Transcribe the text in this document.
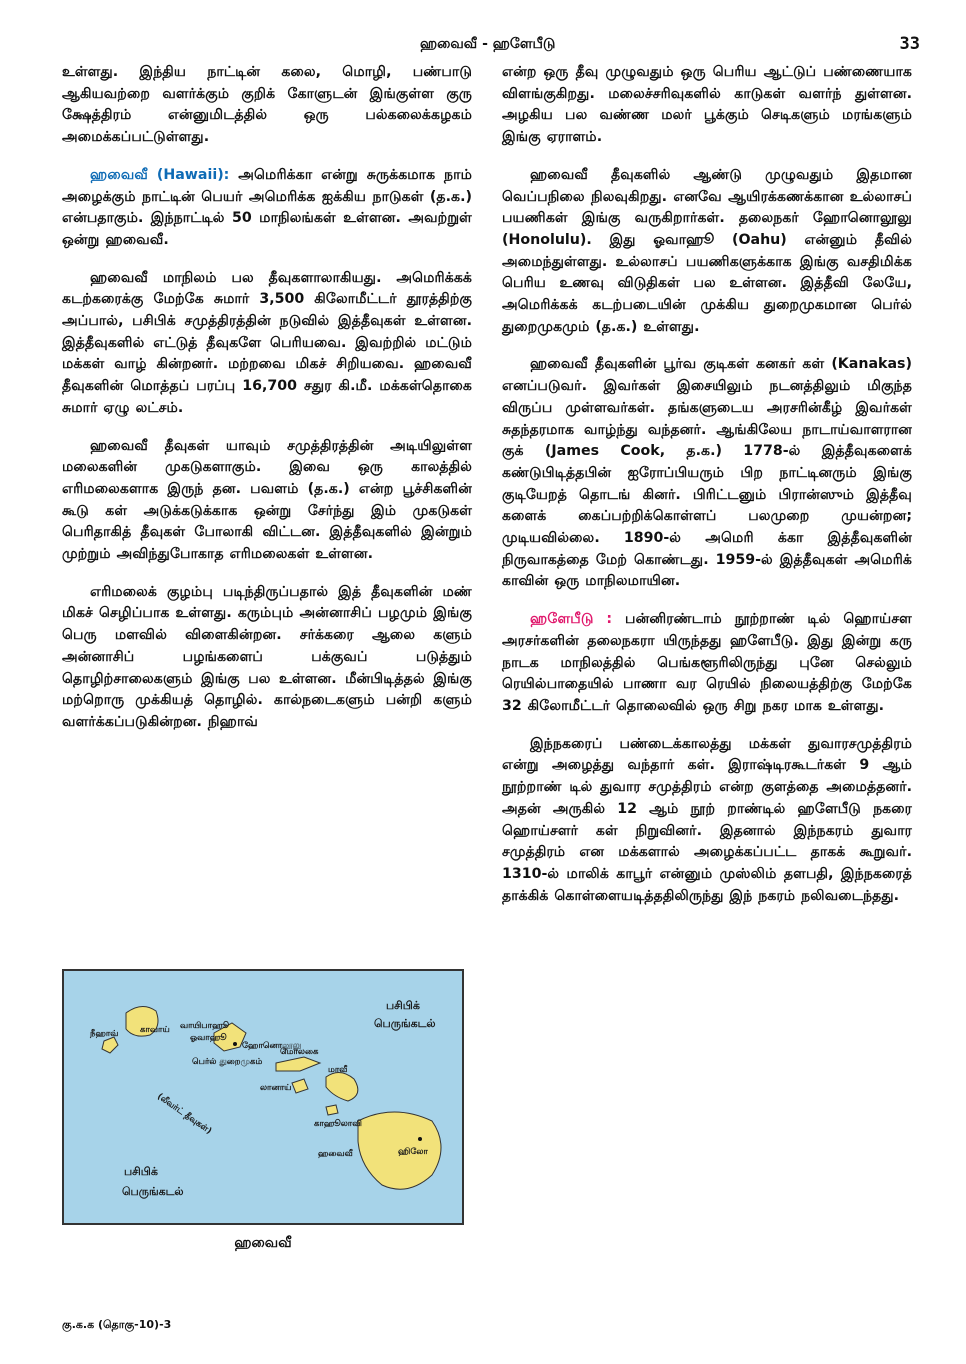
ஹவைவீ - ஹளேபீடு	33

உள்ளது. இந்திய நாட்டின் கலை, மொழி, பண்பாடு ஆகியவற்றை வளர்க்கும் குறிக் கோளுடன் இங்குள்ள குரு க்ஷேத்திரம் என்னுமிடத்தில் ஒரு பல்கலைக்கழகம் அமைக்கப்பட்டுள்ளது.

ஹவைவீ (Hawaii): அமெரிக்கா என்று சுருக்கமாக நாம் அழைக்கும் நாட்டின் பெயர் அமெரிக்க ஐக்கிய நாடுகள் (த.க.) என்பதாகும். இந்நாட்டில் 50 மாநிலங்கள் உள்ளன. அவற்றுள் ஒன்று ஹவைவீ.

ஹவைவீ மாநிலம் பல தீவுகளாலாகியது. அமெரிக்கக் கடற்கரைக்கு மேற்கே சுமார் 3,500 கிலோமீட்டர் தூரத்திற்கு அப்பால், பசிபிக் சமுத்திரத்தின் நடுவில் இத்தீவுகள் உள்ளன. இத்தீவுகளில் எட்டுத் தீவுகளே பெரியவை. இவற்றில் மட்டும் மக்கள் வாழ் கின்றனர். மற்றவை மிகச் சிறியவை. ஹவைவீ தீவுகளின் மொத்தப் பரப்பு 16,700 சதுர கி.மீ. மக்கள்தொகை சுமார் ஏழு லட்சம்.

ஹவைவீ தீவுகள் யாவும் சமுத்திரத்தின் அடியிலுள்ள மலைகளின் முகடுகளாகும். இவை ஒரு காலத்தில் எரிமலைகளாக இருந் தன. பவளம் (த.க.) என்ற பூச்சிகளின் கூடு கள் அடுக்கடுக்காக ஒன்று சேர்ந்து இம் முகடுகள் பெரிதாகித் தீவுகள் போலாகி விட்டன. இத்தீவுகளில் இன்றும் முற்றும் அவிந்துபோகாத எரிமலைகள் உள்ளன.

எரிமலைக் குழம்பு படிந்திருப்பதால் இத் தீவுகளின் மண் மிகச் செழிப்பாக உள்ளது. கரும்பும் அன்னாசிப் பழமும் இங்கு பெரு மளவில் விளைகின்றன. சர்க்கரை ஆலை களும் அன்னாசிப் பழங்களைப் பக்குவப் படுத்தும் தொழிற்சாலைகளும் இங்கு பல உள்ளன. மீன்பிடித்தல் இங்கு மற்றொரு முக்கியத் தொழில். கால்நடைகளும் பன்றி களும் வளர்க்கப்படுகின்றன. நிஹாவ்

என்ற ஒரு தீவு முழுவதும் ஒரு பெரிய ஆட்டுப் பண்ணையாக விளங்குகிறது. மலைச்சரிவுகளில் காடுகள் வளர்ந் துள்ளன. அழகிய பல வண்ண மலர் பூக்கும் செடிகளும் மரங்களும் இங்கு ஏராளம்.

ஹவைவீ தீவுகளில் ஆண்டு முழுவதும் இதமான வெப்பநிலை நிலவுகிறது. எனவே ஆயிரக்கணக்கான உல்லாசப் பயணிகள் இங்கு வருகிறார்கள். தலைநகர் ஹோனொலூலு (Honolulu). இது ஓவாஹூ (Oahu) என்னும் தீவில் அமைந்துள்ளது. உல்லாசப் பயணிகளுக்காக இங்கு வசதிமிக்க பெரிய உணவு விடுதிகள் பல உள்ளன. இத்தீவி லேயே, அமெரிக்கக் கடற்படையின் முக்கிய துறைமுகமான பெர்ல் துறைமுகமும் (த.க.) உள்ளது.

ஹவைவீ தீவுகளின் பூர்வ குடிகள் கனகர் கள் (Kanakas) எனப்படுவர். இவர்கள் இசையிலும் நடனத்திலும் மிகுந்த விருப்ப முள்ளவர்கள். தங்களுடைய அரசரின்கீழ் இவர்கள் சுதந்தரமாக வாழ்ந்து வந்தனர். ஆங்கிலேய நாடாய்வாளரான குக் (James Cook, த.க.) 1778-ல் இத்தீவுகளைக் கண்டுபிடித்தபின் ஐரோப்பியரும் பிற நாட்டினரும் இங்கு குடியேறத் தொடங் கினர். பிரிட்டனும் பிரான்ஸும் இத்தீவு களைக் கைப்பற்றிக்கொள்ளப் பலமுறை முயன்றன; முடியவில்லை. 1890-ல் அமெரி க்கா இத்தீவுகளின் நிருவாகத்தை மேற் கொண்டது. 1959-ல் இத்தீவுகள் அமெரிக் காவின் ஒரு மாநிலமாயின.

ஹளேபீடு : பன்னிரண்டாம் நூற்றாண் டில் ஹொய்சள அரசர்களின் தலைநகரா யிருந்தது ஹளேபீடு. இது இன்று கரு நாடக மாநிலத்தில் பெங்களூரிலிருந்து புனே செல்லும் ரெயில்பாதையில் பாணா வர ரெயில் நிலையத்திற்கு மேற்கே 32 கிலோமீட்டர் தொலைவில் ஒரு சிறு நகர மாக உள்ளது.

இந்நகரைப் பண்டைக்காலத்து மக்கள் துவாரசமுத்திரம் என்று அழைத்து வந்தார் கள். இராஷ்டிரகூடர்கள் 9 ஆம் நூற்றாண் டில் துவார சமுத்திரம் என்ற குளத்தை அமைத்தனர். அதன் அருகில் 12 ஆம் நூற் றாண்டில் ஹளேபீடு நகரை ஹொய்சளர் கள் நிறுவினர். இதனால் இந்நகரம் துவார சமுத்திரம் என மக்களால் அழைக்கப்பட்ட தாகக் கூறுவர். 1310-ல் மாலிக் காபூர் என்னும் முஸ்லிம் தளபதி, இந்நகரைத் தாக்கிக் கொள்ளையடித்ததிலிருந்து இந் நகரம் நலிவடைந்தது.

நீஹாவ்	காவாய் வாயிபாஹூ
ஓவாஹூ
ஹோனொலூலு
பெர்ல் துறைமுகம்
மொலகை
லானாய்
மாவீ
காஹூலாவி
ஹவைவீ	ஹிலோ
(லீவர்ட் தீவுகள்)
பசிபிக்
பெருங்கடல்
பசிபிக்
பெருங்கடல்
ஹவைவீ
கு.க.க (தொகு-10)-3
